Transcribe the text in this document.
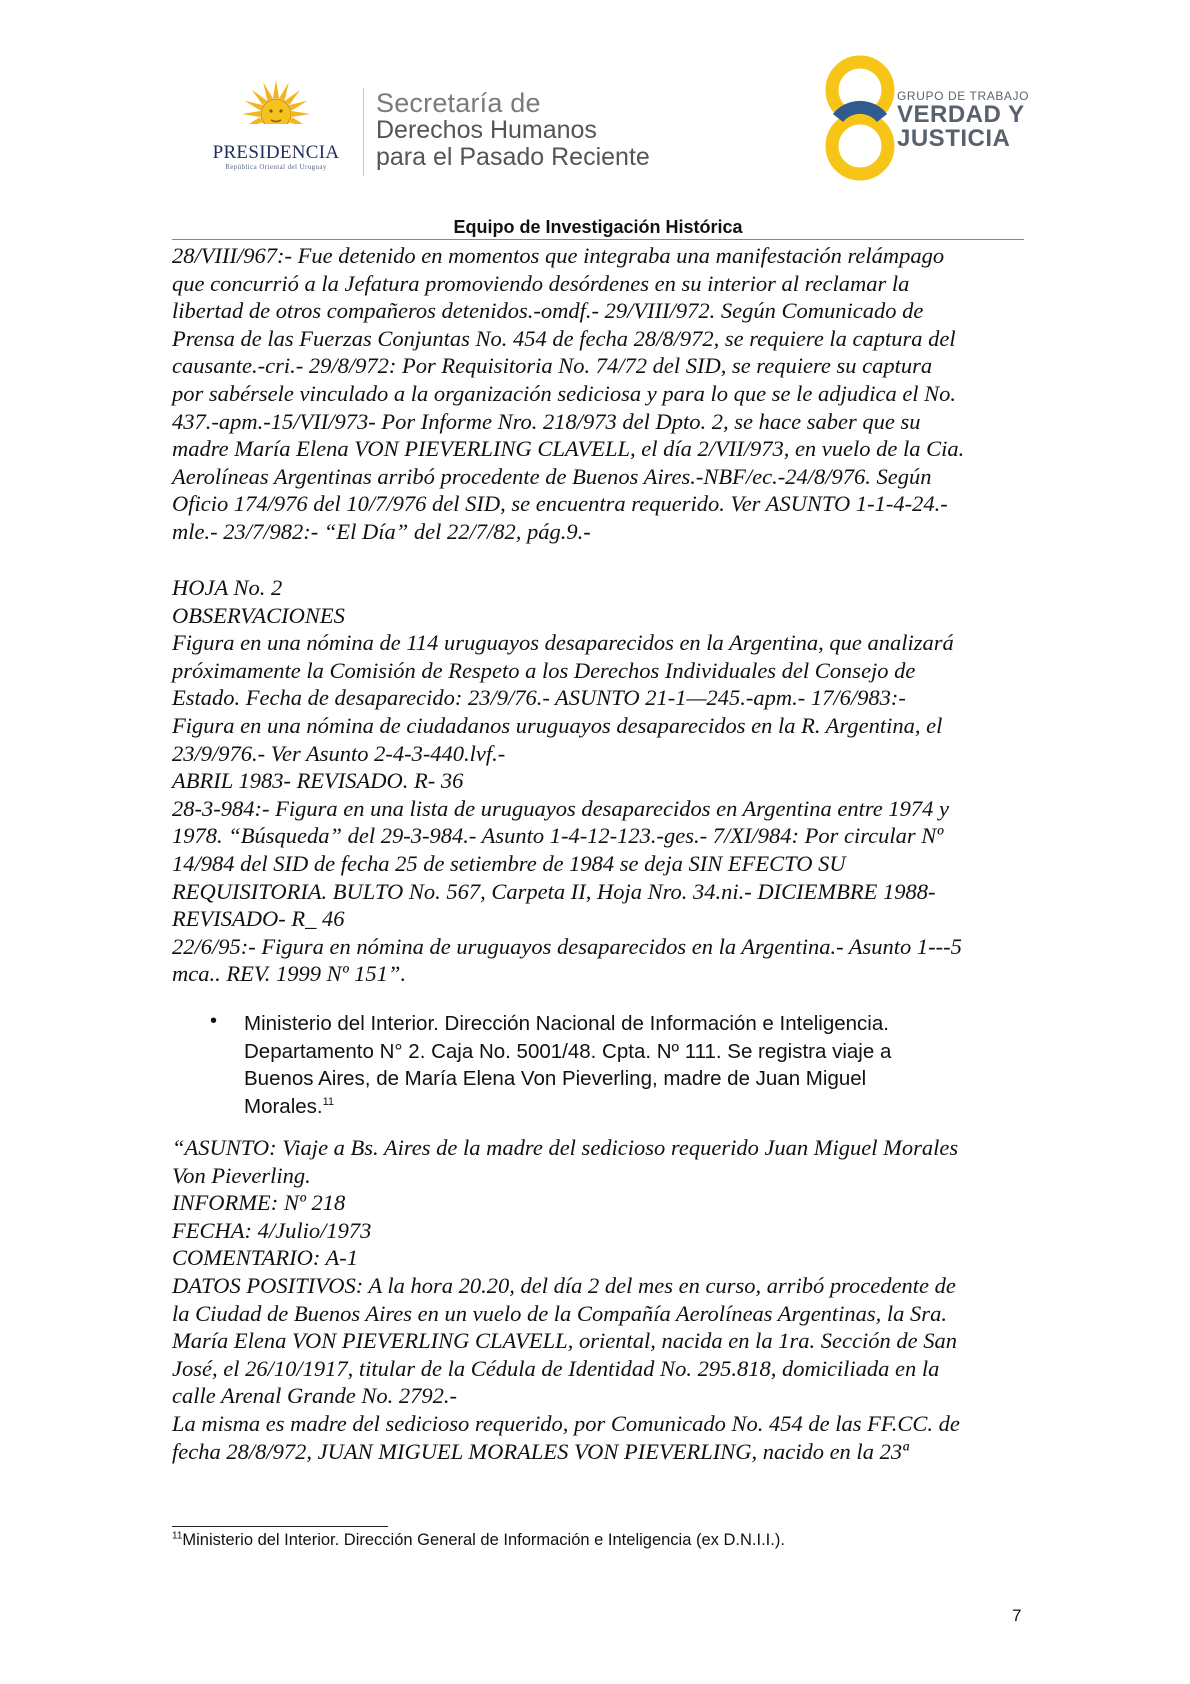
PRESIDENCIA
República Oriental del Uruguay
Secretaría de
Derechos Humanos
para el Pasado Reciente
GRUPO DE TRABAJO
VERDAD Y
JUSTICIA
Equipo de Investigación Histórica
28/VIII/967:- Fue detenido en momentos que integraba una manifestación relámpago
que concurrió a la Jefatura promoviendo desórdenes en su interior al reclamar la
libertad de otros compañeros detenidos.-omdf.- 29/VIII/972. Según Comunicado de
Prensa de las Fuerzas Conjuntas No. 454 de fecha 28/8/972, se requiere la captura del
causante.-cri.- 29/8/972: Por Requisitoria No. 74/72 del SID, se requiere su captura
por sabérsele vinculado a la organización sediciosa y para lo que se le adjudica el No.
437.-apm.-15/VII/973- Por Informe Nro. 218/973 del Dpto. 2, se hace saber que su
madre María Elena VON PIEVERLING CLAVELL, el día 2/VII/973, en vuelo de la Cia.
Aerolíneas Argentinas arribó procedente de Buenos Aires.-NBF/ec.-24/8/976. Según
Oficio 174/976 del 10/7/976 del SID, se encuentra requerido. Ver ASUNTO 1-1-4-24.-
mle.- 23/7/982:- “El Día” del 22/7/82, pág.9.-
HOJA No. 2
OBSERVACIONES
Figura en una nómina de 114 uruguayos desaparecidos en la Argentina, que analizará
próximamente la Comisión de Respeto a los Derechos Individuales del Consejo de
Estado. Fecha de desaparecido: 23/9/76.- ASUNTO 21-1—245.-apm.- 17/6/983:-
Figura en una nómina de ciudadanos uruguayos desaparecidos en la R. Argentina, el
23/9/976.- Ver Asunto 2-4-3-440.lvf.-
ABRIL 1983- REVISADO. R- 36
28-3-984:- Figura en una lista de uruguayos desaparecidos en Argentina entre 1974 y
1978. “Búsqueda” del 29-3-984.- Asunto 1-4-12-123.-ges.- 7/XI/984: Por circular Nº
14/984 del SID de fecha 25 de setiembre de 1984 se deja SIN EFECTO SU
REQUISITORIA. BULTO No. 567, Carpeta II, Hoja Nro. 34.ni.- DICIEMBRE 1988-
REVISADO- R_ 46
22/6/95:- Figura en nómina de uruguayos desaparecidos en la Argentina.- Asunto 1---5
mca.. REV. 1999 Nº 151”.
• Ministerio del Interior. Dirección Nacional de Información e Inteligencia.
Departamento N° 2. Caja No. 5001/48. Cpta. Nº 111. Se registra viaje a
Buenos Aires, de María Elena Von Pieverling, madre de Juan Miguel
Morales.$^{11}$
“ASUNTO: Viaje a Bs. Aires de la madre del sedicioso requerido Juan Miguel Morales
Von Pieverling.
INFORME: Nº 218
FECHA: 4/Julio/1973
COMENTARIO: A-1
DATOS POSITIVOS: A la hora 20.20, del día 2 del mes en curso, arribó procedente de
la Ciudad de Buenos Aires en un vuelo de la Compañía Aerolíneas Argentinas, la Sra.
María Elena VON PIEVERLING CLAVELL, oriental, nacida en la 1ra. Sección de San
José, el 26/10/1917, titular de la Cédula de Identidad No. 295.818, domiciliada en la
calle Arenal Grande No. 2792.-
La misma es madre del sedicioso requerido, por Comunicado No. 454 de las FF.CC. de
fecha 28/8/972, JUAN MIGUEL MORALES VON PIEVERLING, nacido en la 23ª
$^{11}$Ministerio del Interior. Dirección General de Información e Inteligencia (ex D.N.I.I.).
7
